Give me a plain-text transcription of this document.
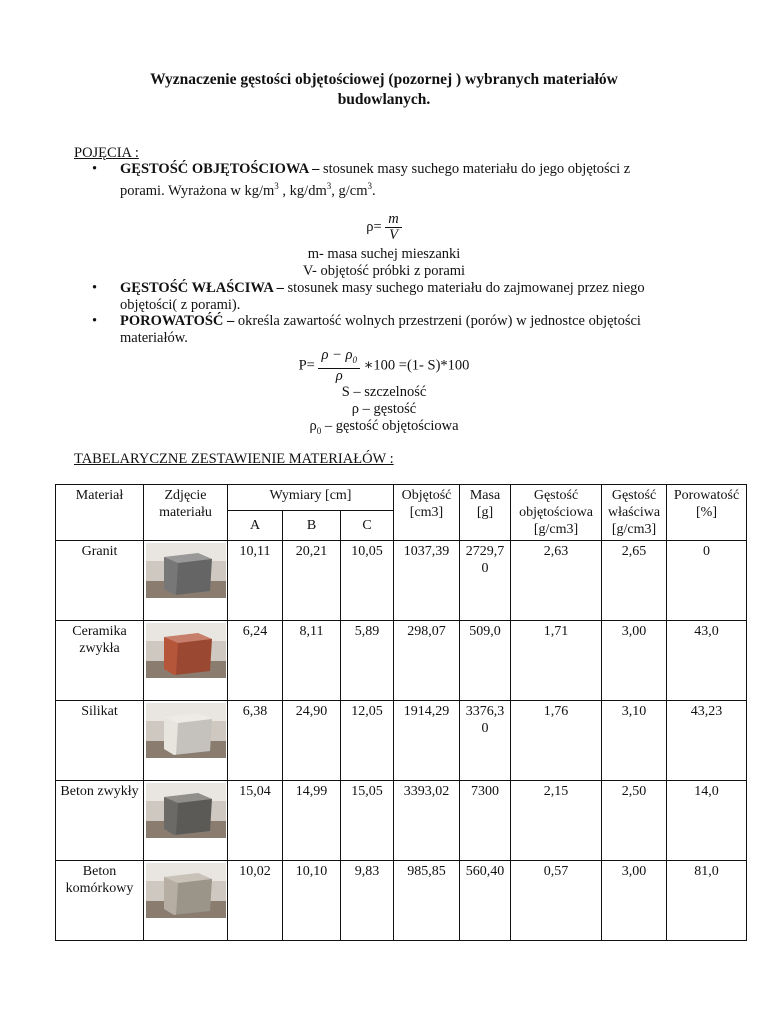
Wyznaczenie gęstości objętościowej (pozornej ) wybranych materiałów
budowlanych.
POJĘCIA :
• GĘSTOŚĆ OBJĘTOŚCIOWA – stosunek masy suchego materiału do jego objętości z
porami. Wyrażona w $kg/m^3$ , $kg/dm^3$, $g/cm^3$.
$\rho= \frac{m}{V}$
m- masa suchej mieszanki
V- objętość próbki z porami
• GĘSTOŚĆ WŁAŚCIWA – stosunek masy suchego materiału do zajmowanej przez niego
objętości( z porami).
• POROWATOŚĆ – określa zawartość wolnych przestrzeni (porów) w jednostce objętości
materiałów.
$P= \frac{\rho - \rho_0}{\rho}$ ∗100 =(1- S)*100
S – szczelność
ρ – gęstość
$\rho_0$ – gęstość objętościowa
TABELARYCZNE ZESTAWIENIE MATERIAŁÓW :
Materiał	Zdjęcie materiału	Wymiary [cm]			Objętość [cm3]	Masa [g]	Gęstość objętościowa [g/cm3]	Gęstość właściwa [g/cm3]	Porowatość [%]
		A	B	C					
Granit		10,11	20,21	10,05	1037,39	2729,7 0	2,63	2,65	0
Ceramika zwykła		6,24	8,11	5,89	298,07	509,0	1,71	3,00	43,0
Silikat		6,38	24,90	12,05	1914,29	3376,3 0	1,76	3,10	43,23
Beton zwykły		15,04	14,99	15,05	3393,02	7300	2,15	2,50	14,0
Beton komórkowy		10,02	10,10	9,83	985,85	560,40	0,57	3,00	81,0
